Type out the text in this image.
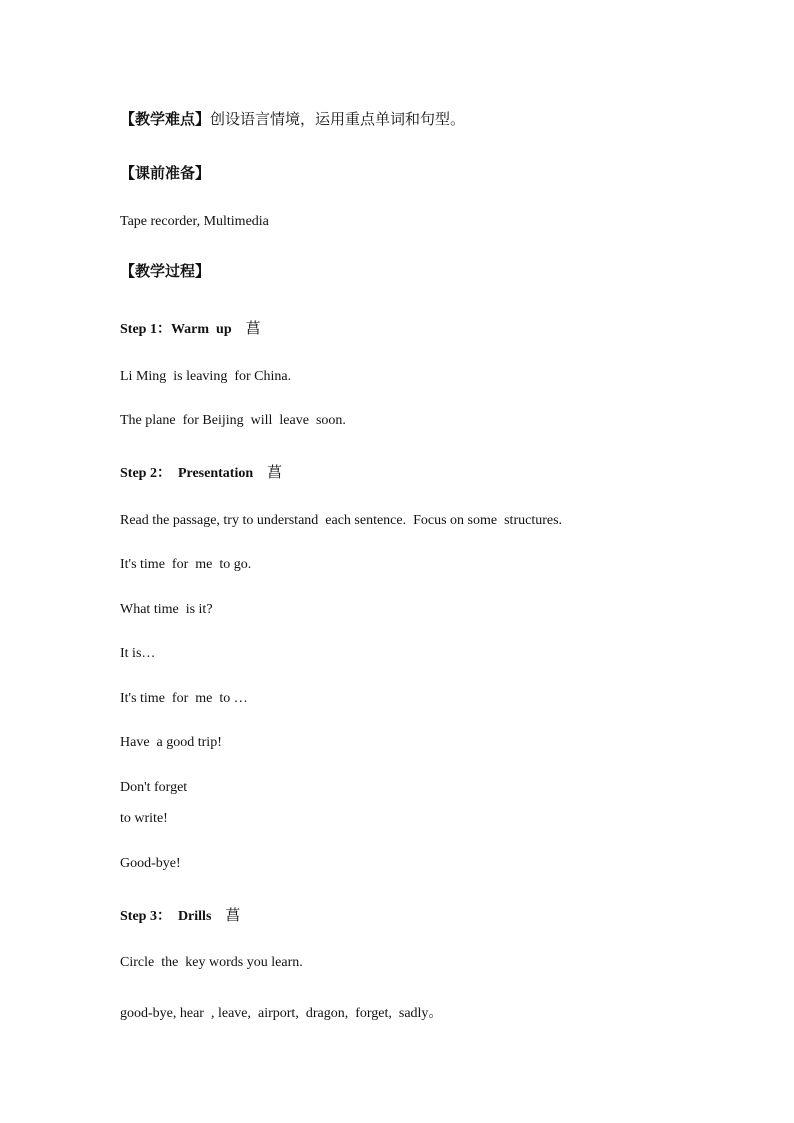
【教学难点】创设语言情境，运用重点单词和句型。
【课前准备】
Tape recorder, Multimedia
【教学过程】
Step 1：Warm  up 菖
Li Ming  is leaving  for China.
The plane  for Beijing  will  leave  soon.
Step 2：  Presentation 菖
Read the passage, try to understand  each sentence.  Focus on some  structures.
It's time  for  me  to go.
What time  is it?
It is…
It's time  for  me  to …
Have  a good trip!
Don't forget
to write!
Good-bye!
Step 3：  Drills 菖
Circle  the  key words you learn.
good-bye, hear  , leave,  airport,  dragon,  forget,  sadly。
